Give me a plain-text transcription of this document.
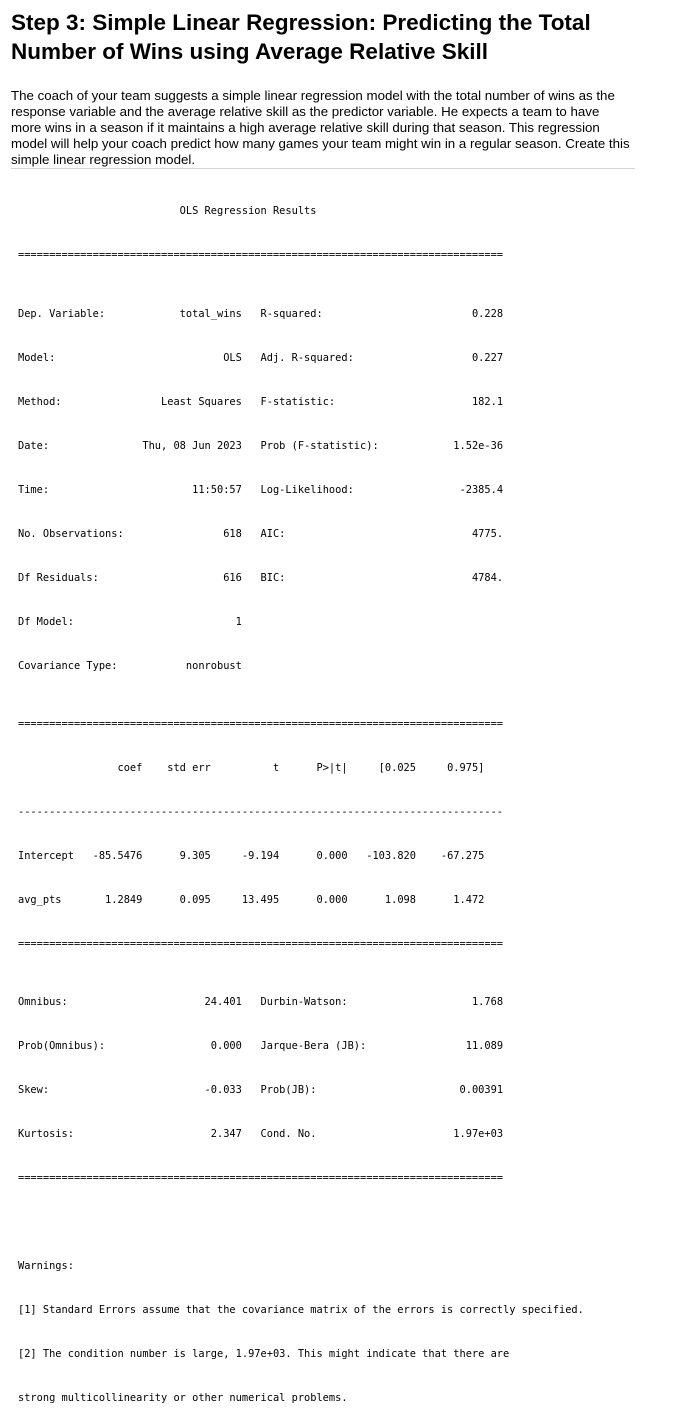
Step 3: Simple Linear Regression: Predicting the Total Number of Wins using Average Relative Skill

The coach of your team suggests a simple linear regression model with the total number of wins as the response variable and the average relative skill as the predictor variable. He expects a team to have more wins in a season if it maintains a high average relative skill during that season. This regression model will help your coach predict how many games your team might win in a regular season. Create this simple linear regression model.

OLS Regression Results

==============================================================================

Dep. Variable:            total_wins R-squared:                        0.228

Model:                           OLS Adj. R-squared:                   0.227

Method:                Least Squares F-statistic:                      182.1

Date:               Thu, 08 Jun 2023 Prob (F-statistic):            1.52e-36

Time:                       11:50:57 Log-Likelihood:                 -2385.4

No. Observations:                618 AIC:                              4775.

Df Residuals:                    616 BIC:                              4784.

Df Model:                          1

Covariance Type:           nonrobust

==============================================================================

coef    std err          t      P>|t|     [0.025     0.975]

------------------------------------------------------------------------------

Intercept   -85.5476      9.305     -9.194      0.000   -103.820    -67.275

avg_pts       1.2849      0.095     13.495      0.000      1.098      1.472

==============================================================================

Omnibus:                      24.401 Durbin-Watson:                    1.768

Prob(Omnibus):                 0.000 Jarque-Bera (JB):                11.089

Skew:                         -0.033 Prob(JB):                       0.00391

Kurtosis:                      2.347 Cond. No.                      1.97e+03

==============================================================================

Warnings:

[1] Standard Errors assume that the covariance matrix of the errors is correctly specified.

[2] The condition number is large, 1.97e+03. This might indicate that there are

strong multicollinearity or other numerical problems.
